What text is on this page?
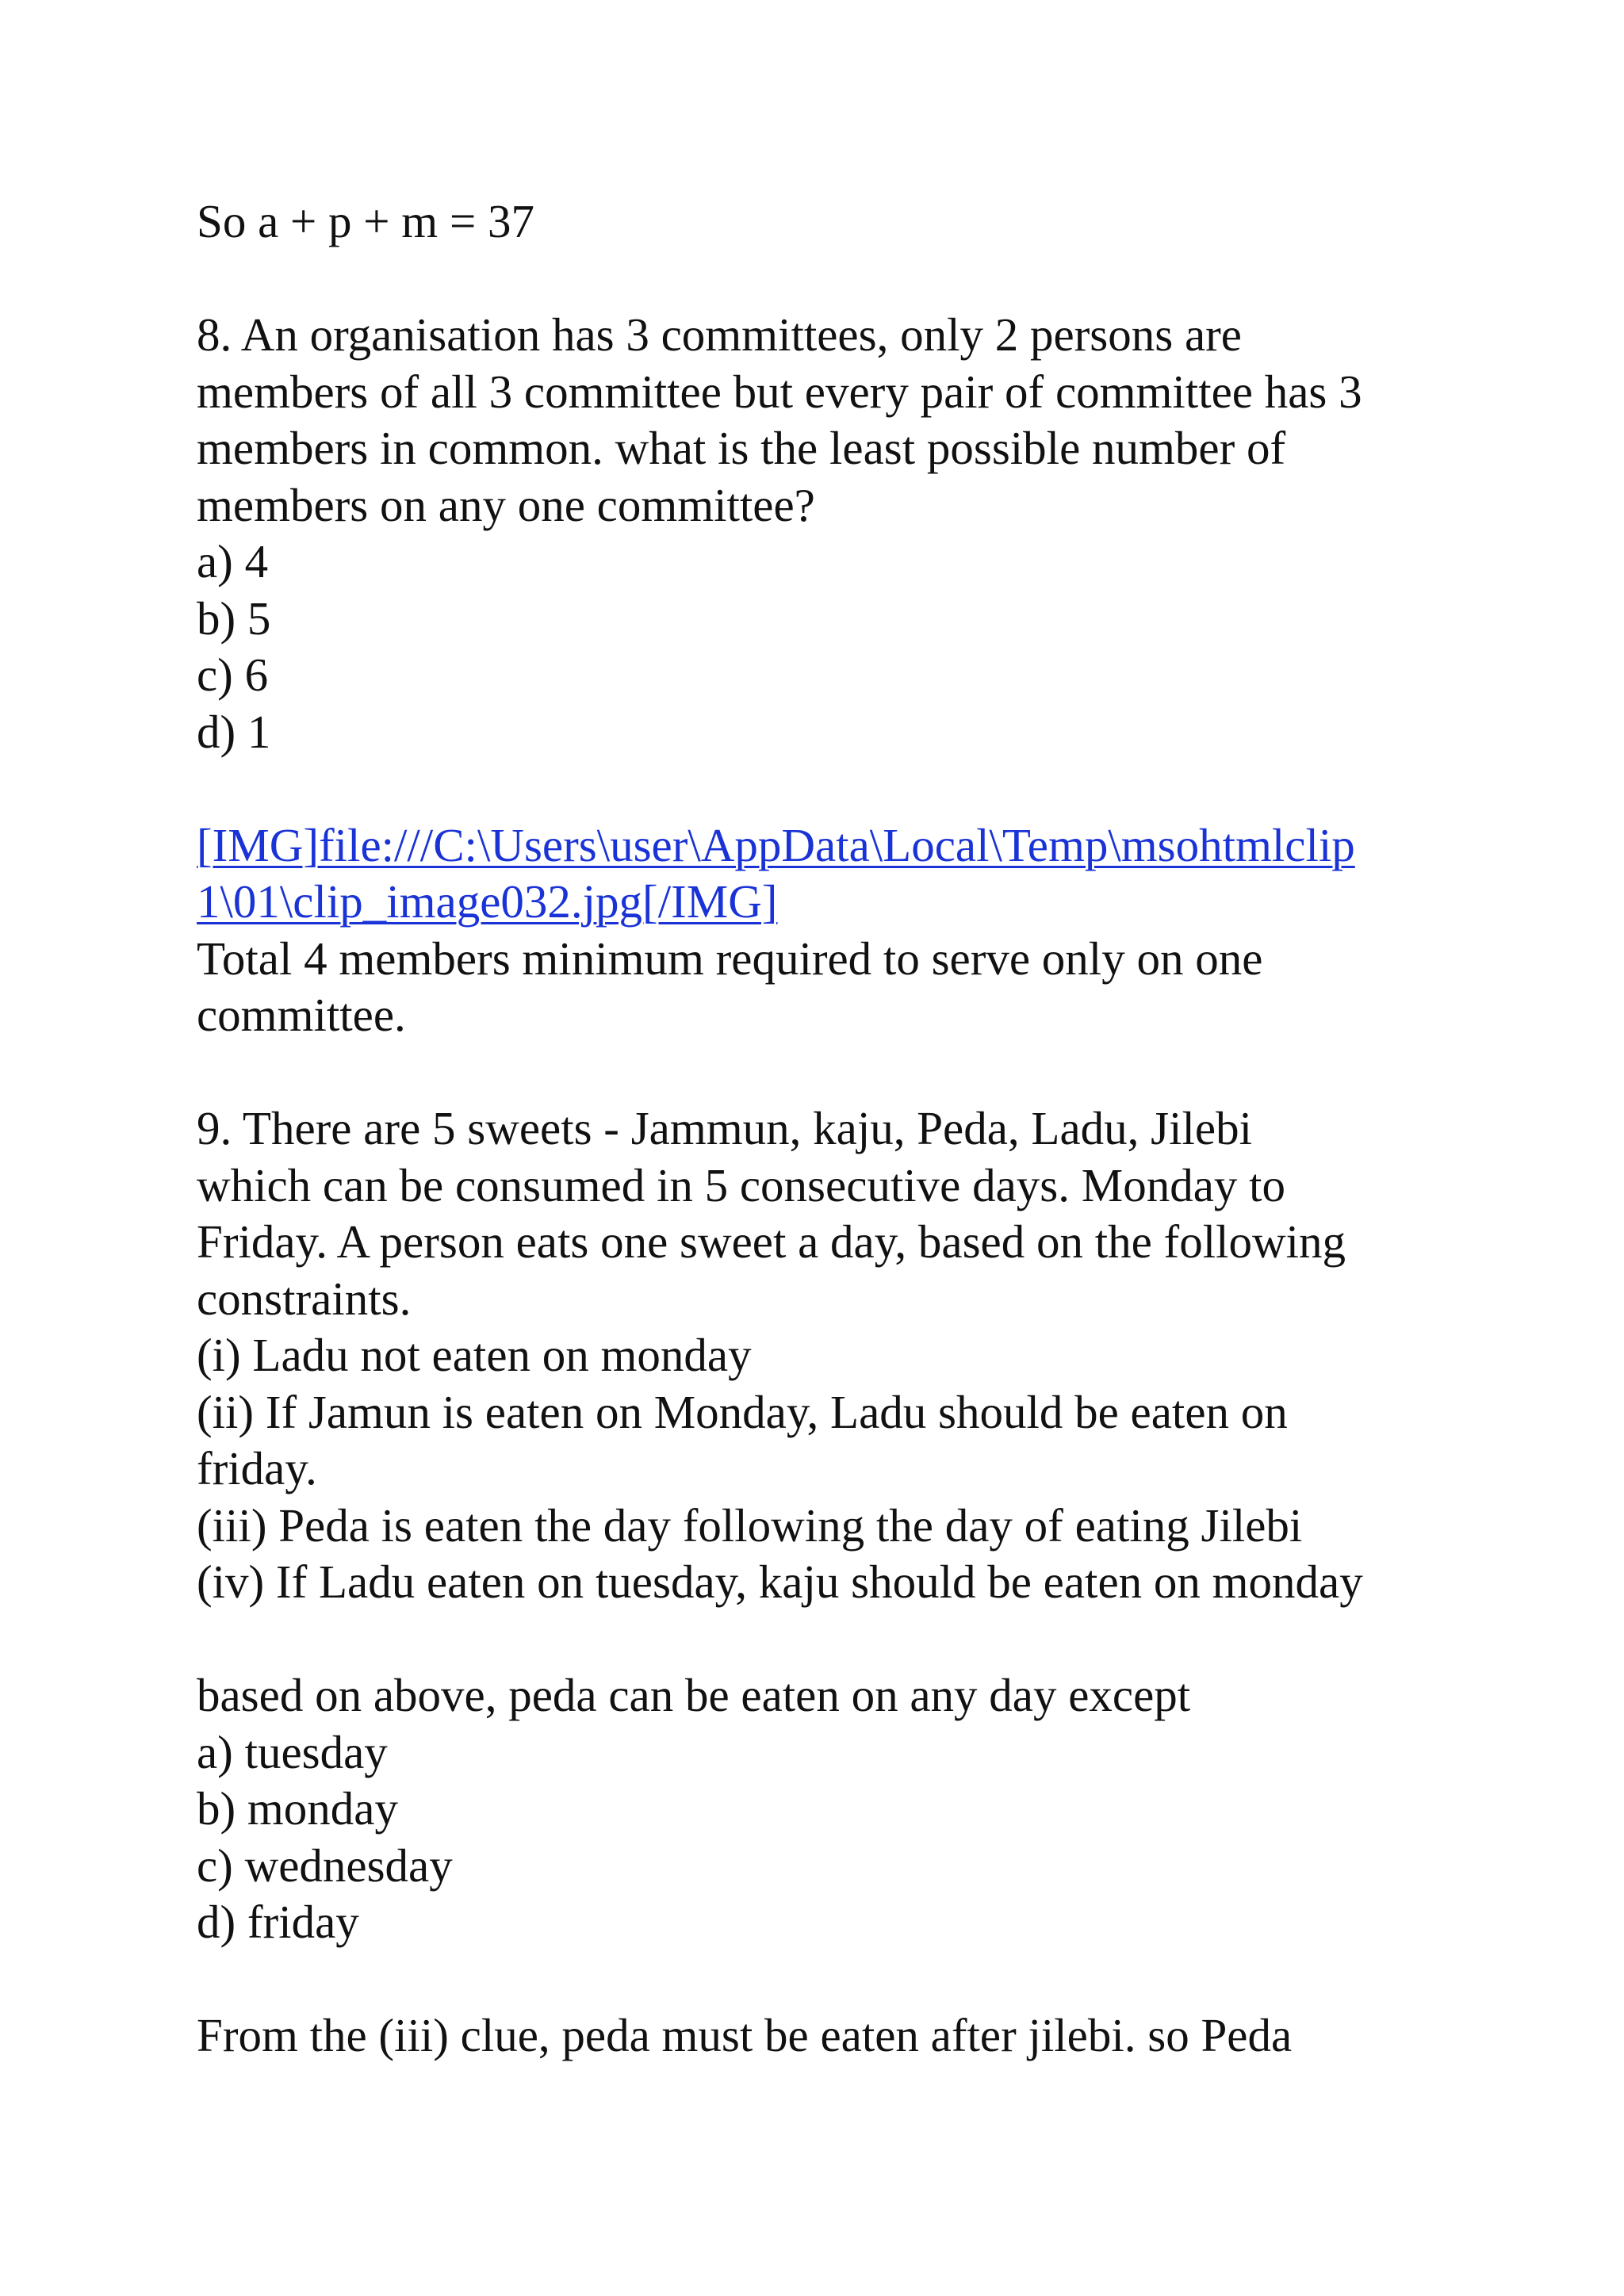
So a + p + m = 37
8. An organisation has 3 committees, only 2 persons are
members of all 3 committee but every pair of committee has 3
members in common. what is the least possible number of
members on any one committee?
a) 4
b) 5
c) 6
d) 1
[IMG]file:///C:\Users\user\AppData\Local\Temp\msohtmlclip
1\01\clip_image032.jpg[/IMG]
Total 4 members minimum required to serve only on one
committee.
9. There are 5 sweets - Jammun, kaju, Peda, Ladu, Jilebi
which can be consumed in 5 consecutive days. Monday to
Friday. A person eats one sweet a day, based on the following
constraints.
(i) Ladu not eaten on monday
(ii) If Jamun is eaten on Monday, Ladu should be eaten on
friday.
(iii) Peda is eaten the day following the day of eating Jilebi
(iv) If Ladu eaten on tuesday, kaju should be eaten on monday
based on above, peda can be eaten on any day except
a) tuesday
b) monday
c) wednesday
d) friday
From the (iii) clue, peda must be eaten after jilebi. so Peda
